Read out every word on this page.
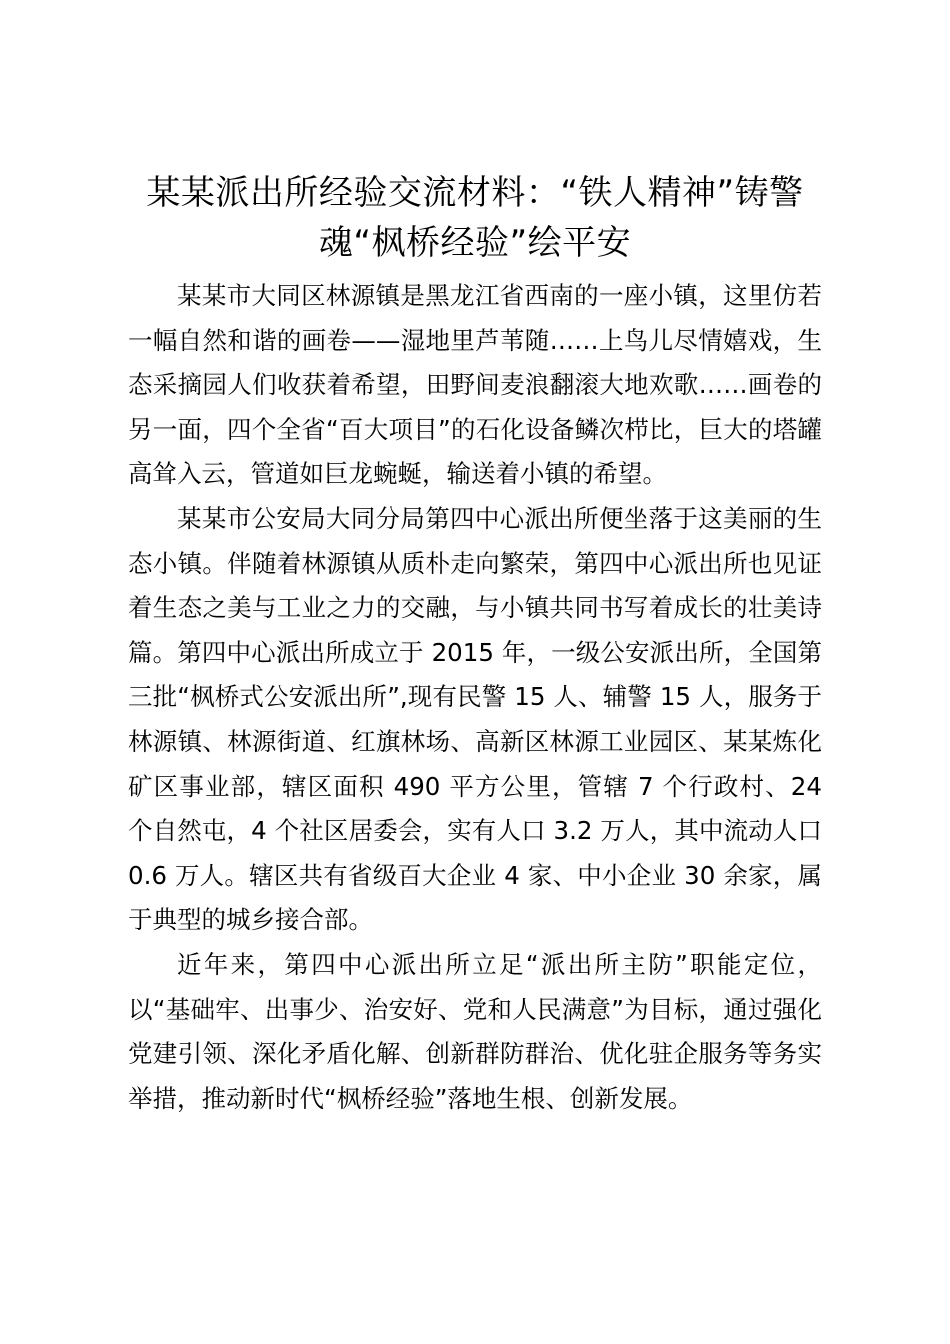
某某派出所经验交流材料：“铁人精神”铸警魂“枫桥经验”绘平安

某某市大同区林源镇是黑龙江省西南的一座小镇，这里仿若一幅自然和谐的画卷——湿地里芦苇随……上鸟儿尽情嬉戏，生态采摘园人们收获着希望，田野间麦浪翻滚大地欢歌……画卷的另一面，四个全省“百大项目”的石化设备鳞次栉比，巨大的塔罐高耸入云，管道如巨龙蜿蜒，输送着小镇的希望。

某某市公安局大同分局第四中心派出所便坐落于这美丽的生态小镇。伴随着林源镇从质朴走向繁荣，第四中心派出所也见证着生态之美与工业之力的交融，与小镇共同书写着成长的壮美诗篇。第四中心派出所成立于 2015 年，一级公安派出所，全国第三批“枫桥式公安派出所”,现有民警 15 人、辅警 15 人，服务于林源镇、林源街道、红旗林场、高新区林源工业园区、某某炼化矿区事业部，辖区面积 490 平方公里，管辖 7 个行政村、24 个自然屯，4 个社区居委会，实有人口 3.2 万人，其中流动人口 0.6 万人。辖区共有省级百大企业 4 家、中小企业 30 余家，属于典型的城乡接合部。

近年来，第四中心派出所立足“派出所主防”职能定位，以“基础牢、出事少、治安好、党和人民满意”为目标，通过强化党建引领、深化矛盾化解、创新群防群治、优化驻企服务等务实举措，推动新时代“枫桥经验”落地生根、创新发展。
